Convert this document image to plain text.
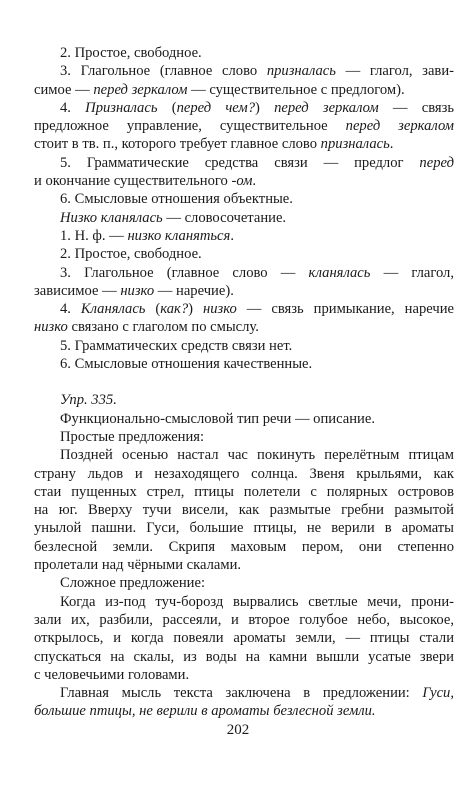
2. Простое, свободное.
3. Глагольное (главное слово призналась — глагол, зави-
симое — перед зеркалом — существительное с предлогом).
4. Призналась (перед чем?) перед зеркалом — связь
предложное управление, существительное перед зеркалом
стоит в тв. п., которого требует главное слово призналась.
5. Грамматические средства связи — предлог перед
и окончание существительного -ом.
6. Смысловые отношения объектные.
Низко кланялась — словосочетание.
1. Н. ф. — низко кланяться.
2. Простое, свободное.
3. Глагольное (главное слово — кланялась — глагол,
зависимое — низко — наречие).
4. Кланялась (как?) низко — связь примыкание, наречие
низко связано с глаголом по смыслу.
5. Грамматических средств связи нет.
6. Смысловые отношения качественные.
Упр. 335.
Функционально-смысловой тип речи — описание.
Простые предложения:
Поздней осенью настал час покинуть перелётным птицам
страну льдов и незаходящего солнца. Звеня крыльями, как
стаи пущенных стрел, птицы полетели с полярных островов
на юг. Вверху тучи висели, как размытые гребни размытой
унылой пашни. Гуси, большие птицы, не верили в ароматы
безлесной земли. Скрипя маховым пером, они степенно
пролетали над чёрными скалами.
Сложное предложение:
Когда из-под туч-борозд вырвались светлые мечи, прони-
зали их, разбили, рассеяли, и второе голубое небо, высокое,
открылось, и когда повеяли ароматы земли, — птицы стали
спускаться на скалы, из воды на камни вышли усатые звери
с человечьими головами.
Главная мысль текста заключена в предложении: Гуси,
большие птицы, не верили в ароматы безлесной земли.
202
